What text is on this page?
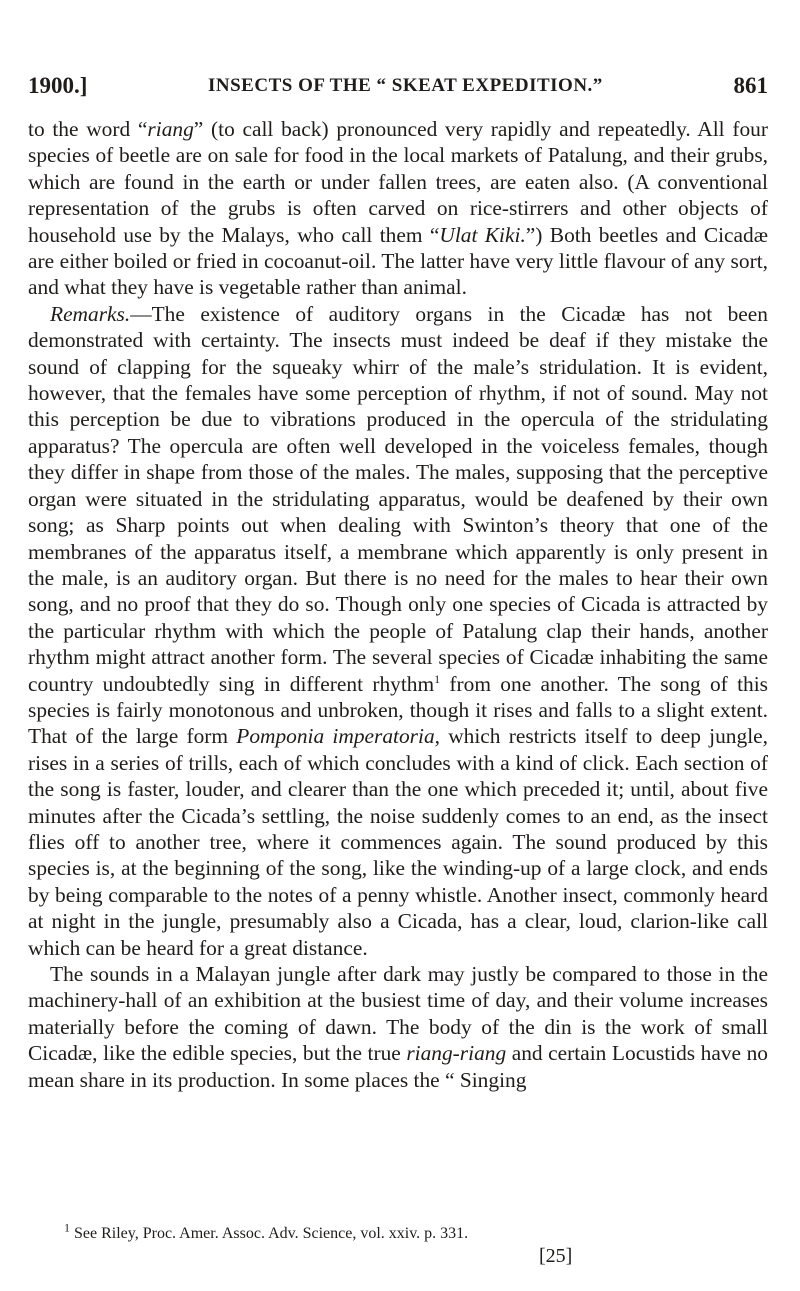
1900.]	INSECTS OF THE “ SKEAT EXPEDITION.”	861

to the word “riang” (to call back) pronounced very rapidly and repeatedly. All four species of beetle are on sale for food in the local markets of Patalung, and their grubs, which are found in the earth or under fallen trees, are eaten also. (A conventional representation of the grubs is often carved on rice-stirrers and other objects of household use by the Malays, who call them “Ulat Kiki.”) Both beetles and Cicadæ are either boiled or fried in cocoanut-oil. The latter have very little flavour of any sort, and what they have is vegetable rather than animal.

Remarks.—The existence of auditory organs in the Cicadæ has not been demonstrated with certainty. The insects must indeed be deaf if they mistake the sound of clapping for the squeaky whirr of the male’s stridulation. It is evident, however, that the females have some perception of rhythm, if not of sound. May not this perception be due to vibrations produced in the opercula of the stridulating apparatus? The opercula are often well developed in the voiceless females, though they differ in shape from those of the males. The males, supposing that the perceptive organ were situated in the stridulating apparatus, would be deafened by their own song; as Sharp points out when dealing with Swinton’s theory that one of the membranes of the apparatus itself, a membrane which apparently is only present in the male, is an auditory organ. But there is no need for the males to hear their own song, and no proof that they do so. Though only one species of Cicada is attracted by the particular rhythm with which the people of Patalung clap their hands, another rhythm might attract another form. The several species of Cicadæ inhabiting the same country undoubtedly sing in different rhythm$^1$ from one another. The song of this species is fairly monotonous and unbroken, though it rises and falls to a slight extent. That of the large form Pomponia imperatoria, which restricts itself to deep jungle, rises in a series of trills, each of which concludes with a kind of click. Each section of the song is faster, louder, and clearer than the one which preceded it; until, about five minutes after the Cicada’s settling, the noise suddenly comes to an end, as the insect flies off to another tree, where it commences again. The sound produced by this species is, at the beginning of the song, like the winding-up of a large clock, and ends by being comparable to the notes of a penny whistle. Another insect, commonly heard at night in the jungle, presumably also a Cicada, has a clear, loud, clarion-like call which can be heard for a great distance.

The sounds in a Malayan jungle after dark may justly be compared to those in the machinery-hall of an exhibition at the busiest time of day, and their volume increases materially before the coming of dawn. The body of the din is the work of small Cicadæ, like the edible species, but the true riang-riang and certain Locustids have no mean share in its production. In some places the “ Singing

$^1$ See Riley, Proc. Amer. Assoc. Adv. Science, vol. xxiv. p. 331.
[25]
